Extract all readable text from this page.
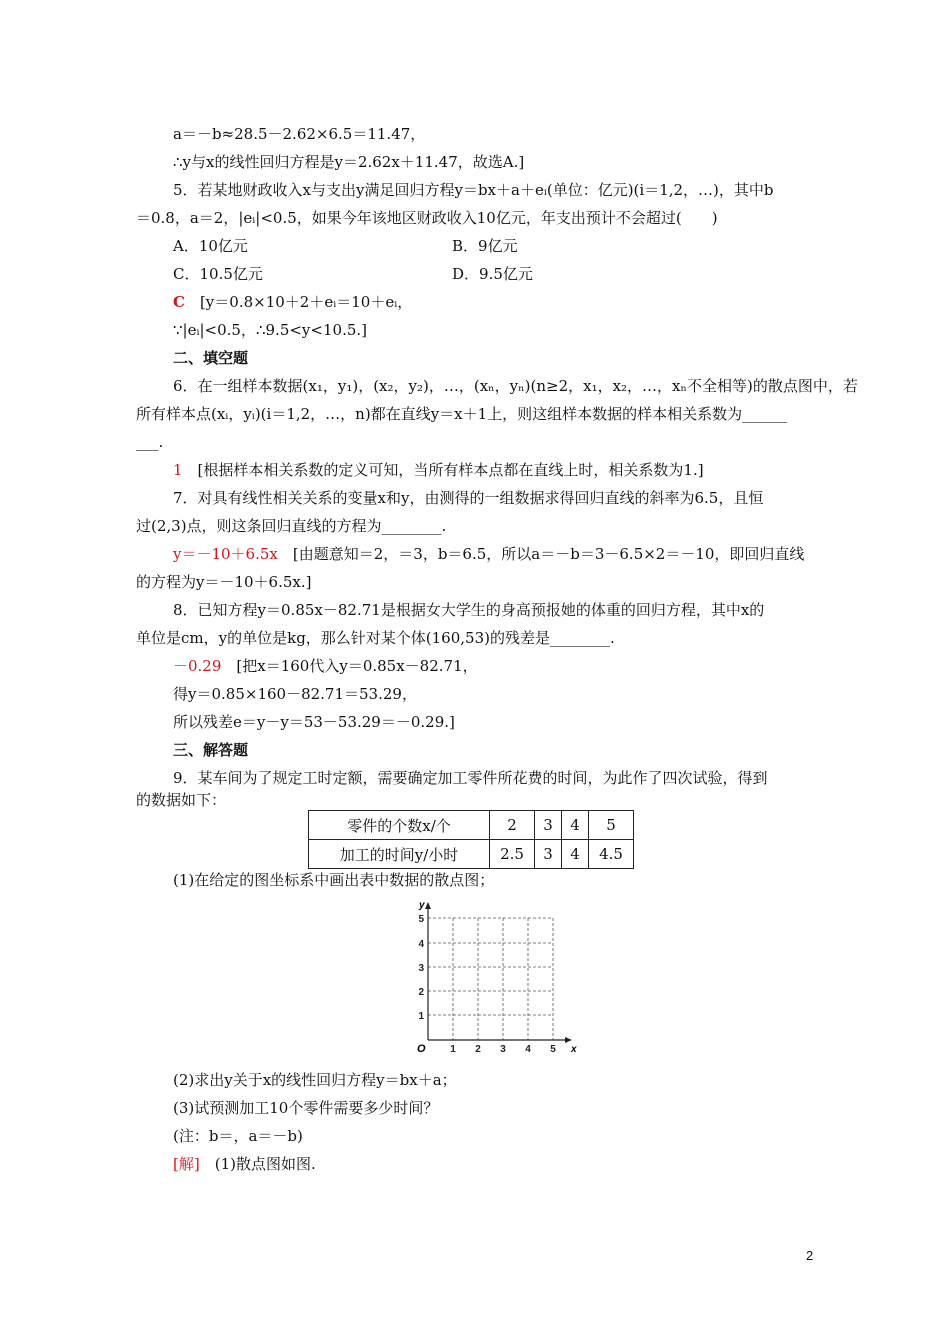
a＝－b≈28.5－2.62×6.5＝11.47，
∴y与x的线性回归方程是y＝2.62x＋11.47，故选A.]
5．若某地财政收入x与支出y满足回归方程y＝bx＋a＋eᵢ(单位：亿元)(i＝1,2，…)，其中b
＝0.8，a＝2，|eᵢ|<0.5，如果今年该地区财政收入10亿元，年支出预计不会超过(　　)
A．10亿元	B．9亿元
C．10.5亿元	D．9.5亿元
C　[y＝0.8×10＋2＋eᵢ＝10＋eᵢ，
∵|eᵢ|<0.5，∴9.5<y<10.5.]
二、填空题
6．在一组样本数据(x₁，y₁)，(x₂，y₂)，…，(xₙ，yₙ)(n≥2，x₁，x₂，…，xₙ不全相等)的散点图中，若
所有样本点(xᵢ，yᵢ)(i＝1,2，…，n)都在直线y＝x＋1上，则这组样本数据的样本相关系数为______
___.
1　[根据样本相关系数的定义可知，当所有样本点都在直线上时，相关系数为1.]
7．对具有线性相关关系的变量x和y，由测得的一组数据求得回归直线的斜率为6.5，且恒
过(2,3)点，则这条回归直线的方程为________.
y＝－10＋6.5x　[由题意知＝2，＝3，b＝6.5，所以a＝－b＝3－6.5×2＝－10，即回归直线
的方程为y＝－10＋6.5x.]
8．已知方程y＝0.85x－82.71是根据女大学生的身高预报她的体重的回归方程，其中x的
单位是cm，y的单位是kg，那么针对某个体(160,53)的残差是________.
－0.29　[把x＝160代入y＝0.85x－82.71，
得y＝0.85×160－82.71＝53.29，
所以残差e＝y－y＝53－53.29＝－0.29.]
三、解答题
9．某车间为了规定工时定额，需要确定加工零件所花费的时间，为此作了四次试验，得到
的数据如下：
零件的个数x/个	2	3	4	5
加工的时间y/小时	2.5	3	4	4.5
(1)在给定的图坐标系中画出表中数据的散点图；
O	x
y
1 2 3 4 5
1
2
3
4
5
(2)求出y关于x的线性回归方程y＝bx＋a；
(3)试预测加工10个零件需要多少时间？
(注：b＝，a＝－b)
[解]　(1)散点图如图.
2
